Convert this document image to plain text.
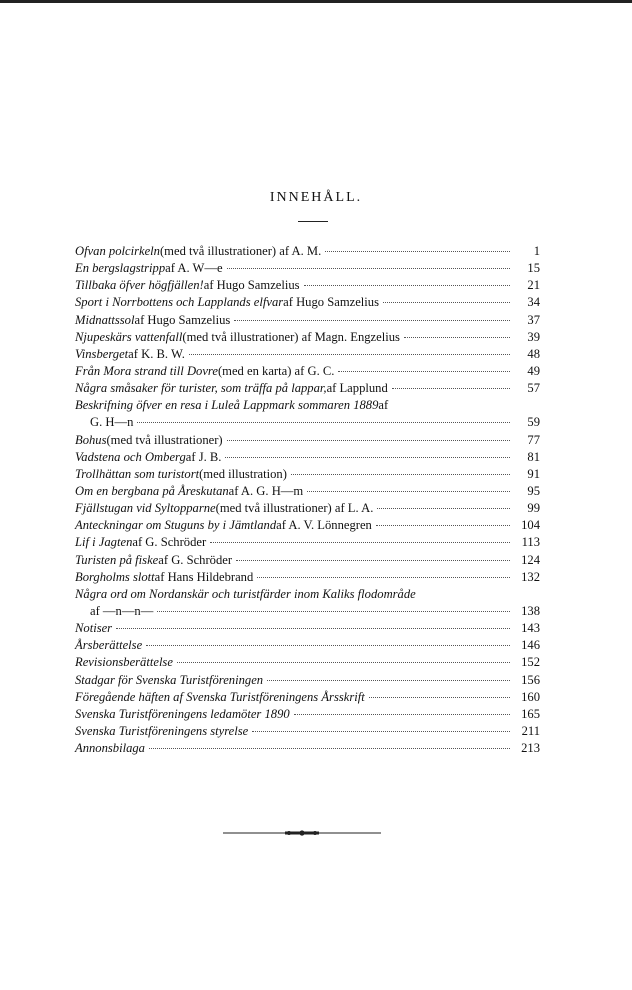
INNEHÅLL.
Ofvan polcirkeln (med två illustrationer) af A. M.	1
En bergslagstripp af A. W—e	15
Tillbaka öfver högfjällen! af Hugo Samzelius	21
Sport i Norrbottens och Lapplands elfvar af Hugo Samzelius	34
Midnattssol af Hugo Samzelius	37
Njupeskärs vattenfall (med två illustrationer) af Magn. Engzelius	39
Vinsberget af K. B. W.	48
Från Mora strand till Dovre (med en karta) af G. C.	49
Några småsaker för turister, som träffa på lappar, af Lapplund	57
Beskrifning öfver en resa i Luleå Lappmark sommaren 1889 af
G. H—n	59
Bohus (med två illustrationer)	77
Vadstena och Omberg af J. B.	81
Trollhättan som turistort (med illustration)	91
Om en bergbana på Åreskutan af A. G. H—m	95
Fjällstugan vid Syltopparne (med två illustrationer) af L. A.	99
Anteckningar om Stuguns by i Jämtland af A. V. Lönnegren	104
Lif i Jagten af G. Schröder	113
Turisten på fiske af G. Schröder	124
Borgholms slott af Hans Hildebrand	132
Några ord om Nordanskär och turistfärder inom Kaliks flodområde
af —n—n—	138
Notiser	143
Årsberättelse	146
Revisionsberättelse	152
Stadgar för Svenska Turistföreningen	156
Föregående häften af Svenska Turistföreningens Årsskrift	160
Svenska Turistföreningens ledamöter 1890	165
Svenska Turistföreningens styrelse	211
Annonsbilaga	213
